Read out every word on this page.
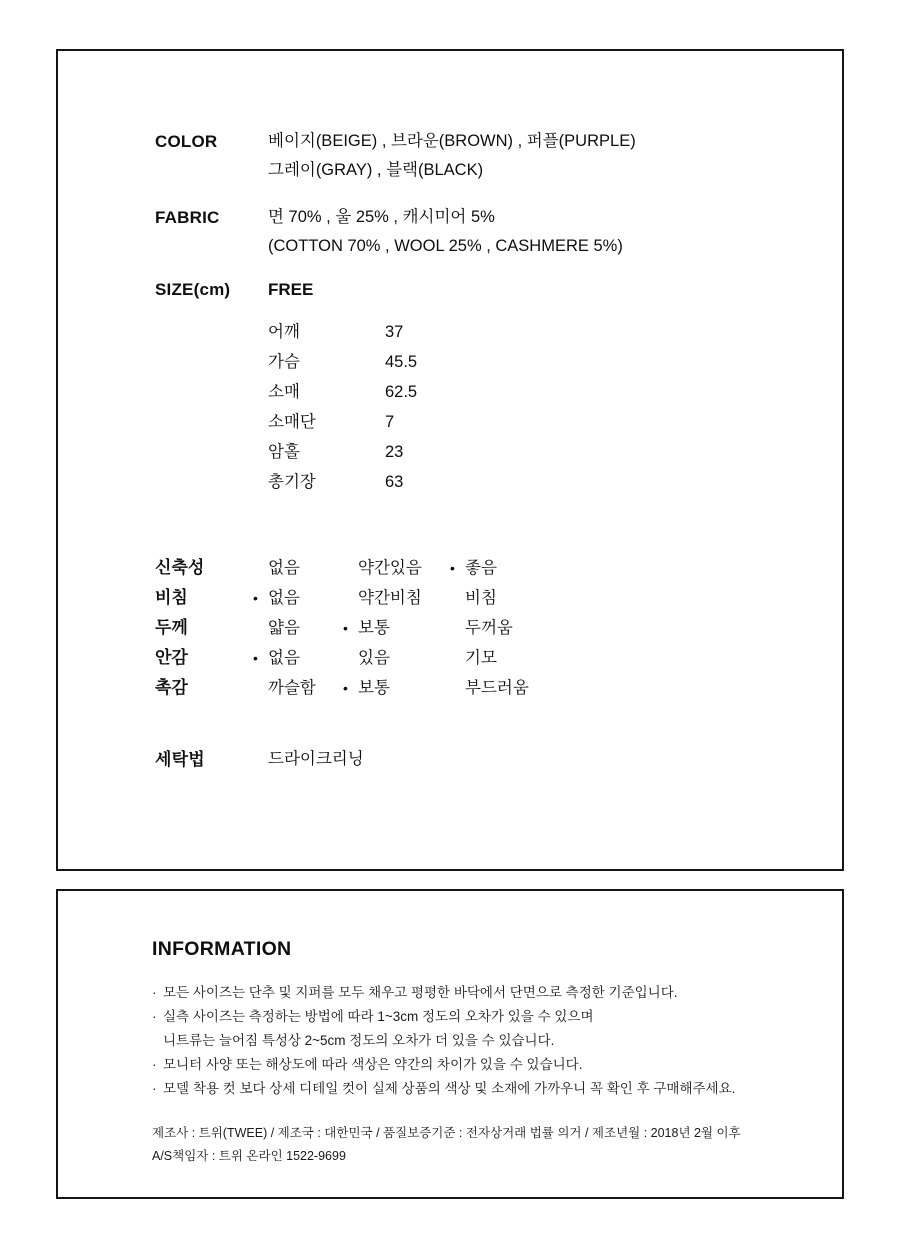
COLOR	베이지(BEIGE) , 브라운(BROWN) , 퍼플(PURPLE)
그레이(GRAY) , 블랙(BLACK)
FABRIC	면 70% , 울 25% , 캐시미어 5%
(COTTON 70% , WOOL 25% , CASHMERE 5%)
SIZE(cm)	FREE
어깨	37
가슴	45.5
소매	62.5
소매단	7
암홀	23
총기장	63
신축성	없음	약간있음	• 좋음
비침	• 없음	약간비침	비침
두께	얇음	• 보통	두꺼움
안감	• 없음	있음	기모
촉감	까슬함	• 보통	부드러움
세탁법	드라이크리닝
INFORMATION
· 모든 사이즈는 단추 및 지퍼를 모두 채우고 평평한 바닥에서 단면으로 측정한 기준입니다.
· 실측 사이즈는 측정하는 방법에 따라 1~3cm 정도의 오차가 있을 수 있으며
니트류는 늘어짐 특성상 2~5cm 정도의 오차가 더 있을 수 있습니다.
· 모니터 사양 또는 해상도에 따라 색상은 약간의 차이가 있을 수 있습니다.
· 모델 착용 컷 보다 상세 디테일 컷이 실제 상품의 색상 및 소재에 가까우니 꼭 확인 후 구매해주세요.
제조사 : 트위(TWEE) / 제조국 : 대한민국 / 품질보증기준 : 전자상거래 법률 의거 / 제조년월 : 2018년 2월 이후
A/S책임자 : 트위 온라인 1522-9699
